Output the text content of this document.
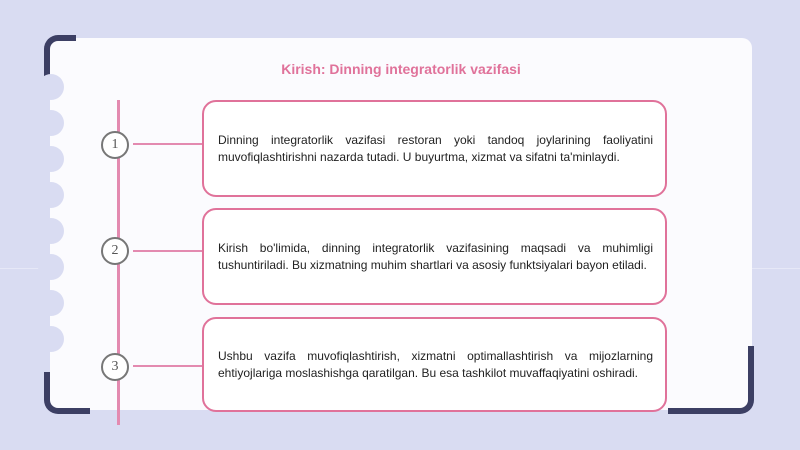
Kirish: Dinning integratorlik vazifasi
1
2
3

Dinning integratorlik vazifasi restoran yoki tandoq joylarining faoliyatini muvofiqlashtirishni nazarda tutadi. U buyurtma, xizmat va sifatni ta'minlaydi.

Kirish bo'limida, dinning integratorlik vazifasining maqsadi va muhimligi tushuntiriladi. Bu xizmatning muhim shartlari va asosiy funktsiyalari bayon etiladi.

Ushbu vazifa muvofiqlashtirish, xizmatni optimallashtirish va mijozlarning ehtiyojlariga moslashishga qaratilgan. Bu esa tashkilot muvaffaqiyatini oshiradi.
